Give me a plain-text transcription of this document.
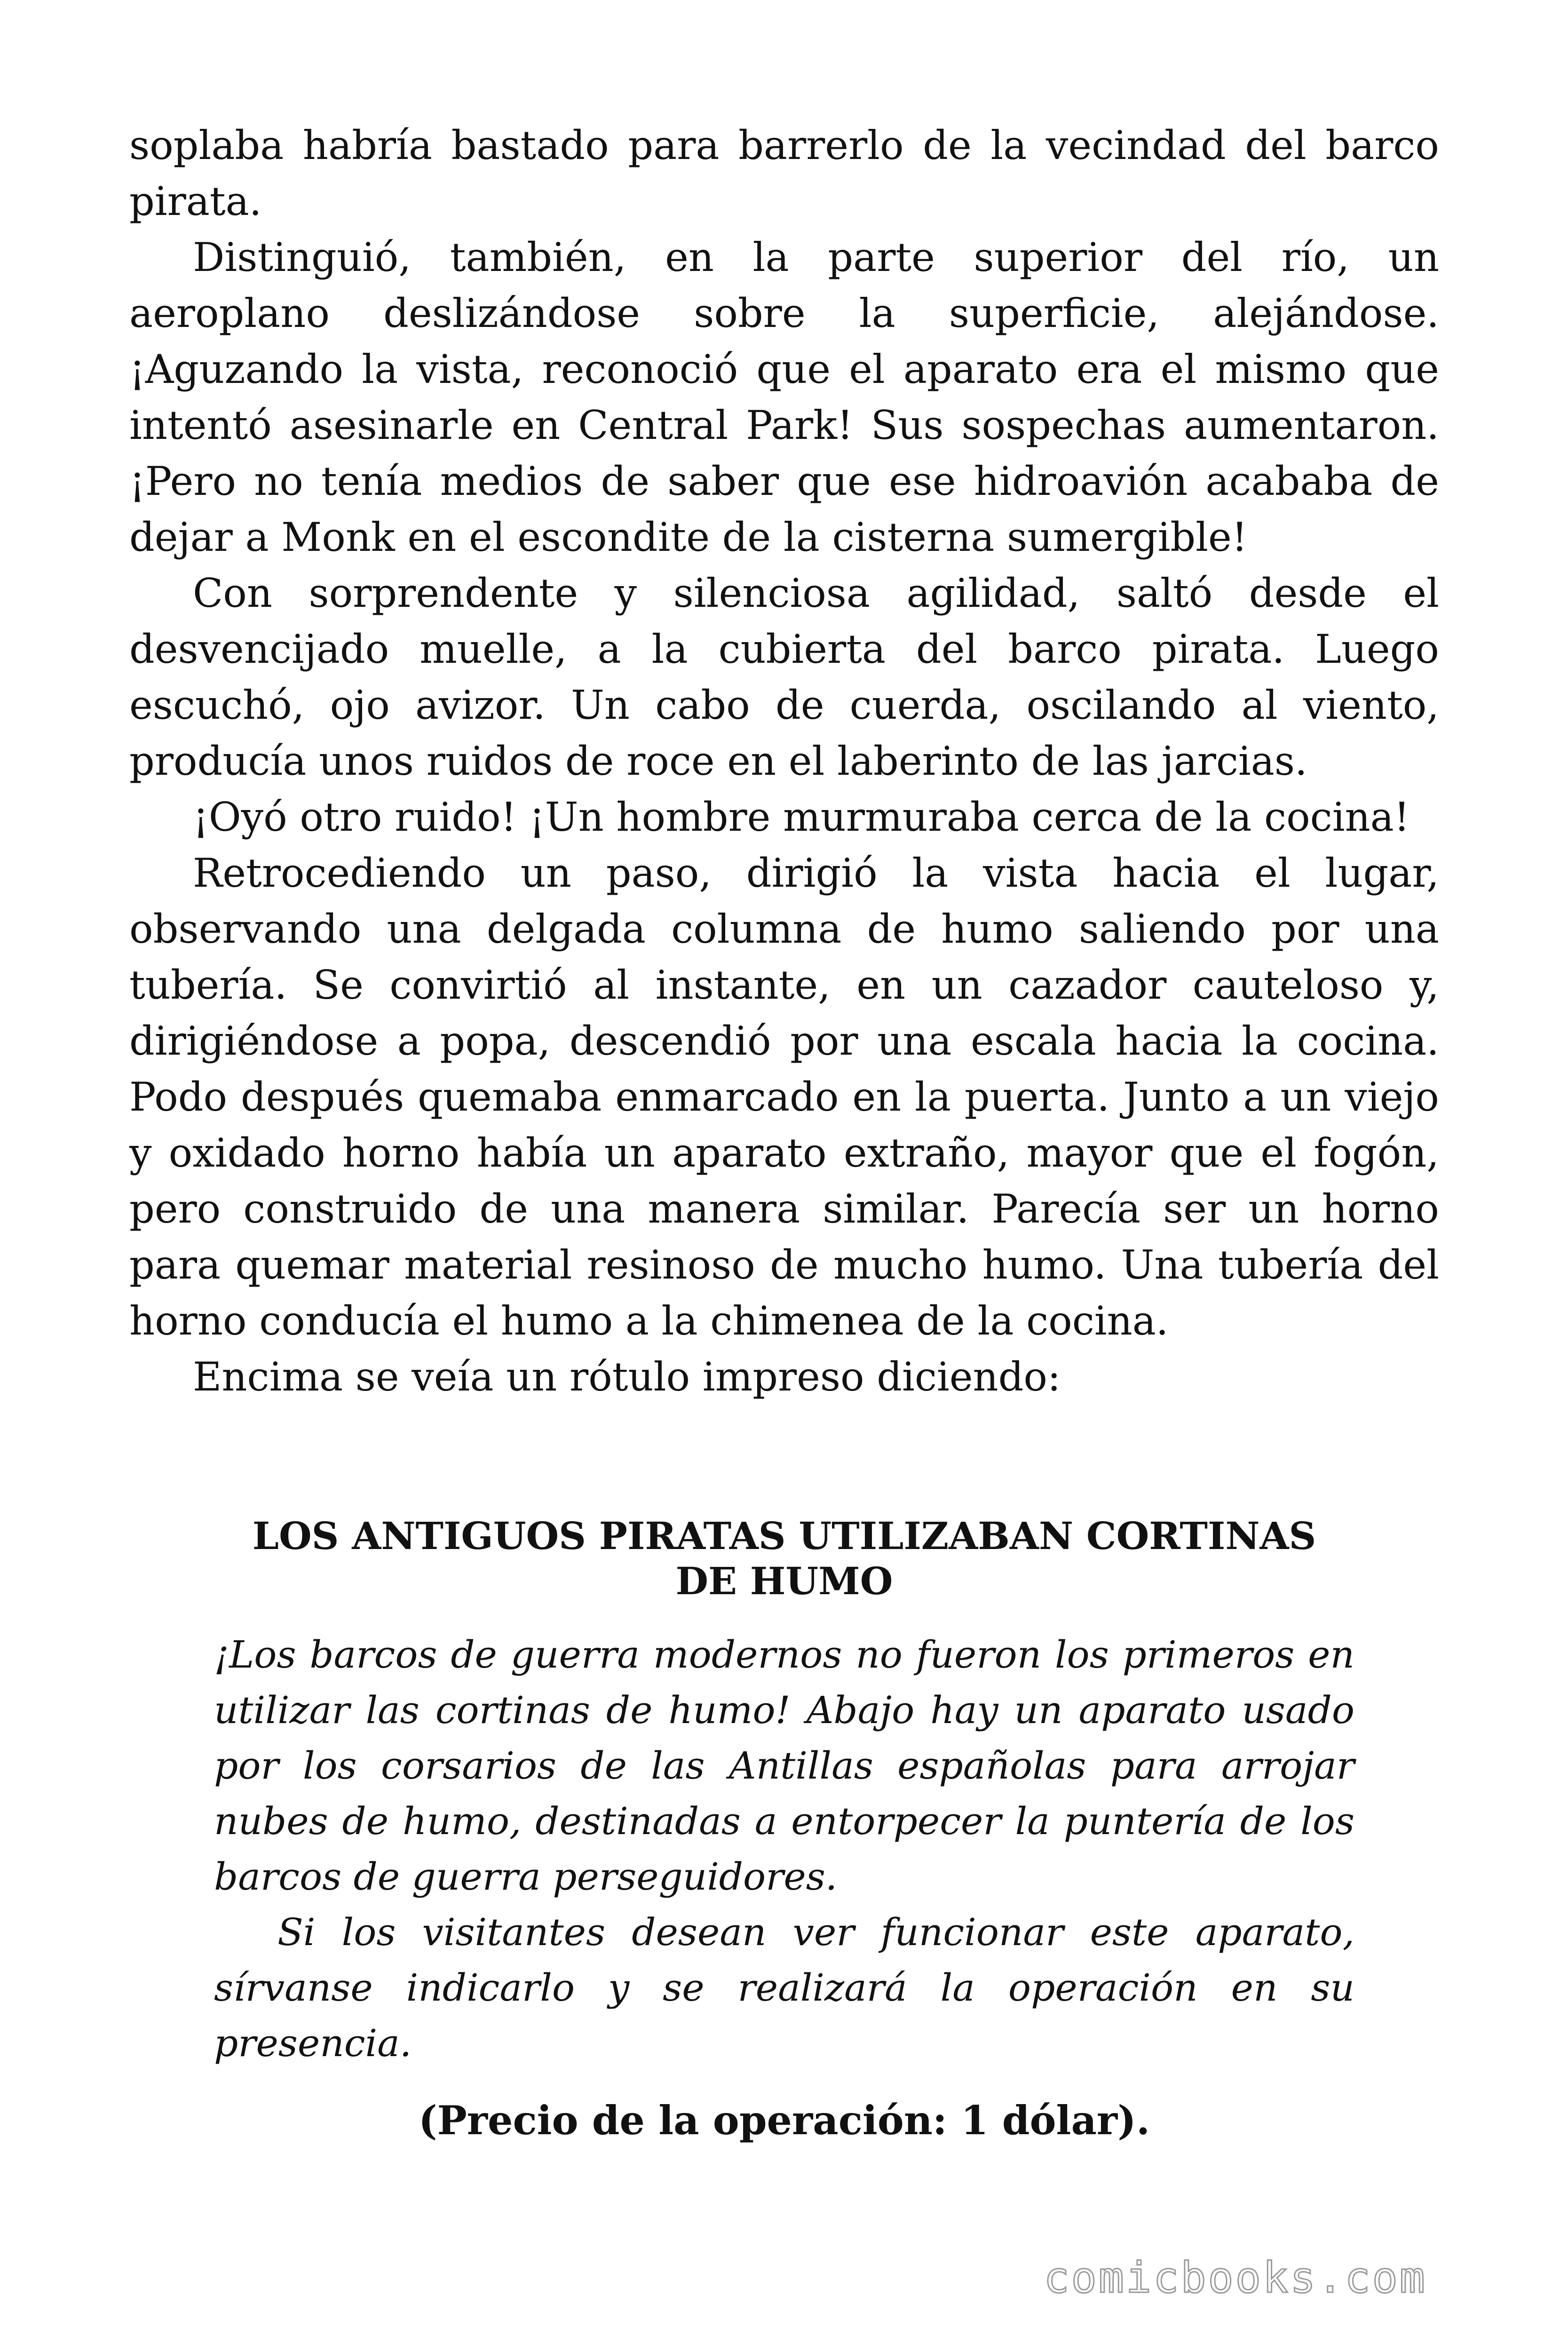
soplaba habría bastado para barrerlo de la vecindad del barco pirata.

Distinguió, también, en la parte superior del río, un aeroplano deslizándose sobre la superficie, alejándose. ¡Aguzando la vista, reconoció que el aparato era el mismo que intentó asesinarle en Central Park! Sus sospechas aumentaron. ¡Pero no tenía medios de saber que ese hidroavión acababa de dejar a Monk en el escondite de la cisterna sumergible!

Con sorprendente y silenciosa agilidad, saltó desde el desvencijado muelle, a la cubierta del barco pirata. Luego escuchó, ojo avizor. Un cabo de cuerda, oscilando al viento, producía unos ruidos de roce en el laberinto de las jarcias.

¡Oyó otro ruido! ¡Un hombre murmuraba cerca de la cocina!

Retrocediendo un paso, dirigió la vista hacia el lugar, observando una delgada columna de humo saliendo por una tubería. Se convirtió al instante, en un cazador cauteloso y, dirigiéndose a popa, descendió por una escala hacia la cocina. Podo después quemaba enmarcado en la puerta. Junto a un viejo y oxidado horno había un aparato extraño, mayor que el fogón, pero construido de una manera similar. Parecía ser un horno para quemar material resinoso de mucho humo. Una tubería del horno conducía el humo a la chimenea de la cocina.

Encima se veía un rótulo impreso diciendo:

LOS ANTIGUOS PIRATAS UTILIZABAN CORTINAS DE HUMO

¡Los barcos de guerra modernos no fueron los primeros en utilizar las cortinas de humo! Abajo hay un aparato usado por los corsarios de las Antillas españolas para arrojar nubes de humo, destinadas a entorpecer la puntería de los barcos de guerra perseguidores.

Si los visitantes desean ver funcionar este aparato, sírvanse indicarlo y se realizará la operación en su presencia.

(Precio de la operación: 1 dólar).

comicbooks.com
